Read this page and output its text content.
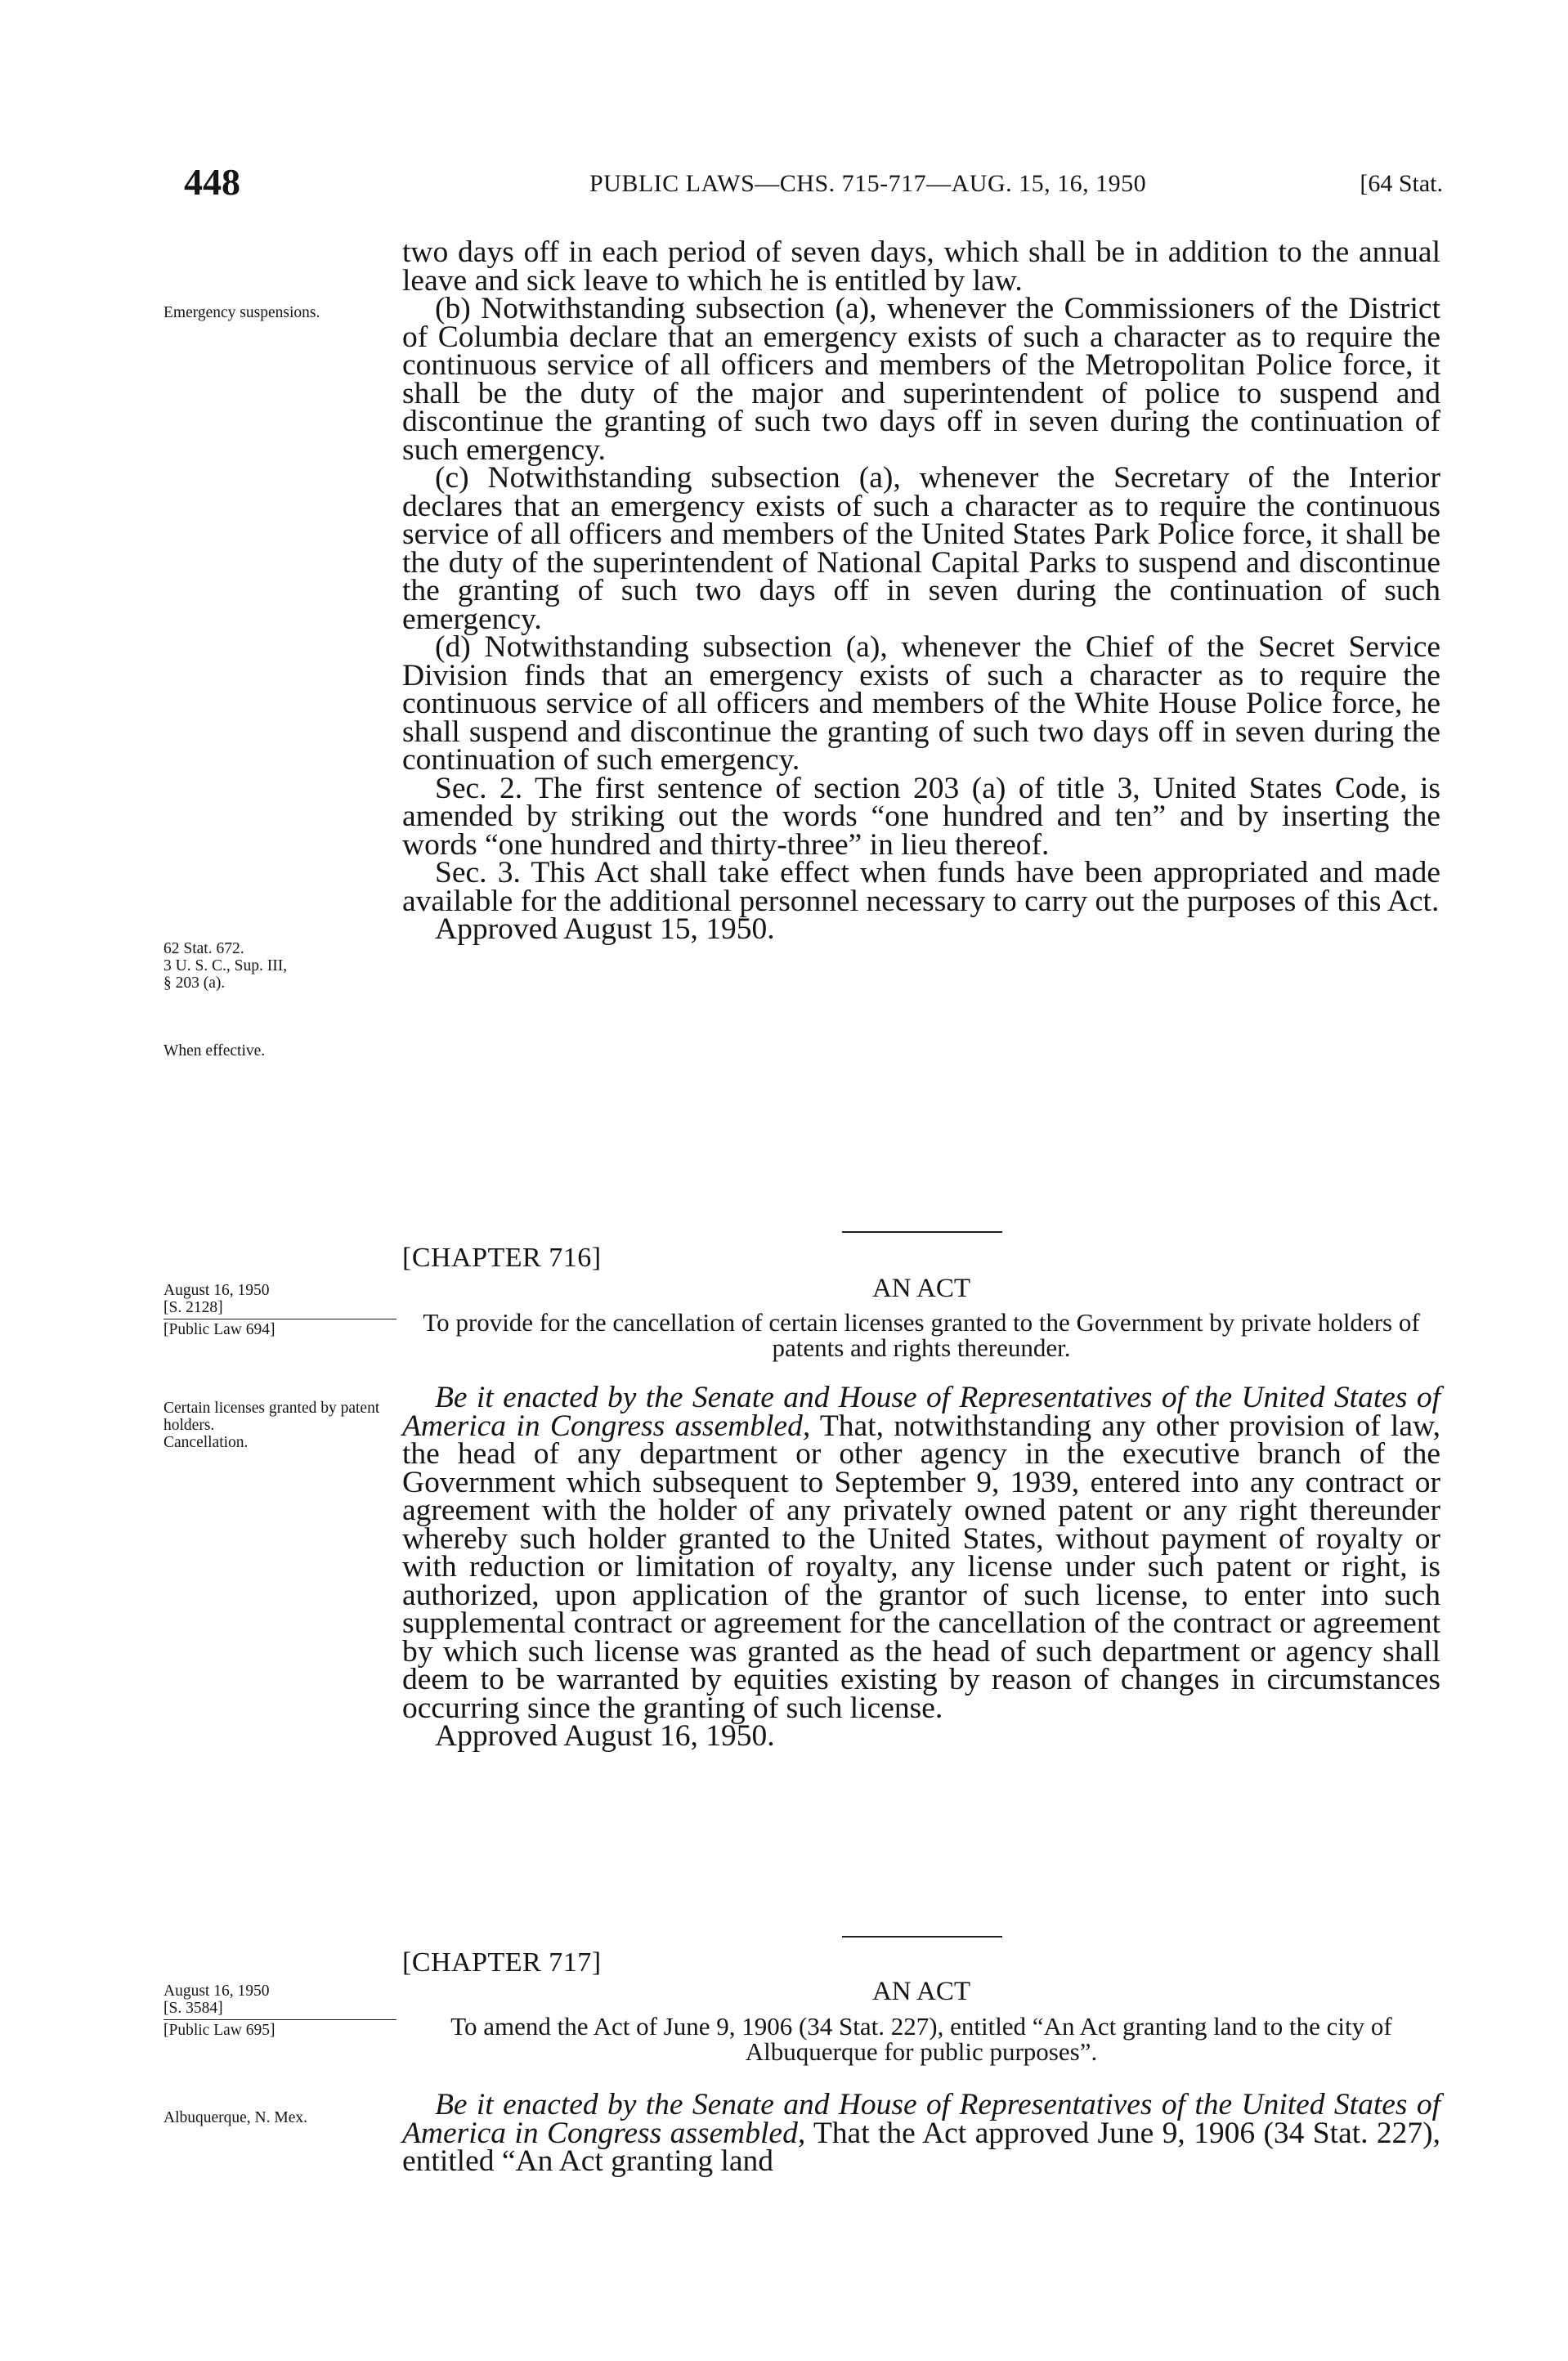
448	PUBLIC LAWS—CHS. 715-717—AUG. 15, 16, 1950	[64 Stat.

two days off in each period of seven days, which shall be in addition to the annual leave and sick leave to which he is entitled by law.

(b) Notwithstanding subsection (a), whenever the Commissioners of the District of Columbia declare that an emergency exists of such a character as to require the continuous service of all officers and members of the Metropolitan Police force, it shall be the duty of the major and superintendent of police to suspend and discontinue the granting of such two days off in seven during the continuation of such emergency.

(c) Notwithstanding subsection (a), whenever the Secretary of the Interior declares that an emergency exists of such a character as to require the continuous service of all officers and members of the United States Park Police force, it shall be the duty of the superintendent of National Capital Parks to suspend and discontinue the granting of such two days off in seven during the continuation of such emergency.

(d) Notwithstanding subsection (a), whenever the Chief of the Secret Service Division finds that an emergency exists of such a character as to require the continuous service of all officers and members of the White House Police force, he shall suspend and discontinue the granting of such two days off in seven during the continuation of such emergency.

Sec. 2. The first sentence of section 203 (a) of title 3, United States Code, is amended by striking out the words “one hundred and ten” and by inserting the words “one hundred and thirty-three” in lieu thereof.

Sec. 3. This Act shall take effect when funds have been appropriated and made available for the additional personnel necessary to carry out the purposes of this Act.

Approved August 15, 1950.

Emergency suspensions.
62 Stat. 672.
3 U. S. C., Sup. III,
§ 203 (a).
When effective.
[CHAPTER 716]
AN ACT
To provide for the cancellation of certain licenses granted to the Government by private holders of patents and rights thereunder.
August 16, 1950
[S. 2128]
[Public Law 694]

Be it enacted by the Senate and House of Representatives of the United States of America in Congress assembled, That, notwithstanding any other provision of law, the head of any department or other agency in the executive branch of the Government which subsequent to September 9, 1939, entered into any contract or agreement with the holder of any privately owned patent or any right thereunder whereby such holder granted to the United States, without payment of royalty or with reduction or limitation of royalty, any license under such patent or right, is authorized, upon application of the grantor of such license, to enter into such supplemental contract or agreement for the cancellation of the contract or agreement by which such license was granted as the head of such department or agency shall deem to be warranted by equities existing by reason of changes in circumstances occurring since the granting of such license.

Approved August 16, 1950.

Certain licenses granted by patent holders.
Cancellation.
[CHAPTER 717]
AN ACT
To amend the Act of June 9, 1906 (34 Stat. 227), entitled “An Act granting land to the city of Albuquerque for public purposes”.
August 16, 1950
[S. 3584]
[Public Law 695]

Be it enacted by the Senate and House of Representatives of the United States of America in Congress assembled, That the Act approved June 9, 1906 (34 Stat. 227), entitled “An Act granting land

Albuquerque, N. Mex.
